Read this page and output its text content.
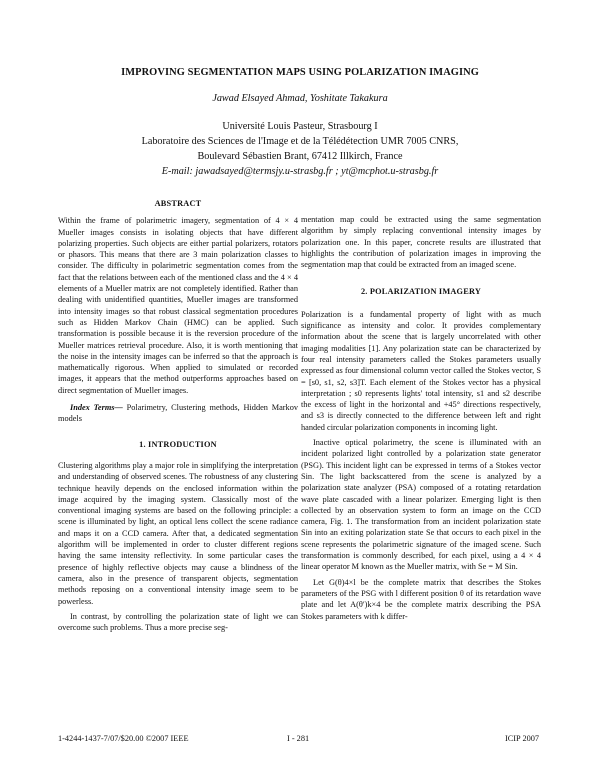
IMPROVING SEGMENTATION MAPS USING POLARIZATION IMAGING
Jawad Elsayed Ahmad, Yoshitate Takakura
Université Louis Pasteur, Strasbourg I
Laboratoire des Sciences de l'Image et de la Télédétection UMR 7005 CNRS,
Boulevard Sébastien Brant, 67412 Illkirch, France
E-mail: jawadsayed@termsjy.u-strasbg.fr ; yt@mcphot.u-strasbg.fr
ABSTRACT

Within the frame of polarimetric imagery, segmentation of 4 × 4 Mueller images consists in isolating objects that have different polarizing properties. Such objects are either partial polarizers, rotators or phasors. This means that there are 3 main polarization classes to consider. The difficulty in polarimetric segmentation comes from the fact that the relations between each of the mentioned class and the 4 × 4 elements of a Mueller matrix are not completely identified. Rather than dealing with unidentified quantities, Mueller images are transformed into intensity images so that robust classical segmentation procedures such as Hidden Markov Chain (HMC) can be applied. Such transformation is possible because it is the reversion procedure of the Mueller matrices retrieval procedure. Also, it is worth mentioning that the noise in the intensity images can be inferred so that the approach is mathematically rigorous. When applied to simulated or recorded images, it appears that the method outperforms approaches based on direct segmentation of Mueller images.

Index Terms— Polarimetry, Clustering methods, Hidden Markov models

1. INTRODUCTION

Clustering algorithms play a major role in simplifying the interpretation and understanding of observed scenes. The robustness of any clustering technique heavily depends on the enclosed information within the image acquired by the imaging system. Classically most of the conventional imaging systems are based on the following principle: a scene is illuminated by light, an optical lens collect the scene radiance and maps it on a CCD camera. After that, a dedicated segmentation algorithm will be implemented in order to cluster different regions having the same intensity reflectivity. In some particular cases the presence of highly reflective objects may cause a blindness of the camera, also in the presence of transparent objects, segmentation methods reposing on a conventional intensity image seem to be powerless.

In contrast, by controlling the polarization state of light we can overcome such problems. Thus a more precise seg-

mentation map could be extracted using the same segmentation algorithm by simply replacing conventional intensity images by polarization one. In this paper, concrete results are illustrated that highlights the contribution of polarization images in improving the segmentation map that could be extracted from an imaged scene.

2. POLARIZATION IMAGERY

Polarization is a fundamental property of light with as much significance as intensity and color. It provides complementary information about the scene that is largely uncorrelated with other imaging modalities [1]. Any polarization state can be characterized by four real intensity parameters called the Stokes parameters usually expressed as four dimensional column vector called the Stokes vector, S = [s0, s1, s2, s3]T. Each element of the Stokes vector has a physical interpretation ; s0 represents lights' total intensity, s1 and s2 describe the excess of light in the horizontal and +45° directions respectively, and s3 is directly connected to the difference between left and right handed circular polarization components in incoming light.

Inactive optical polarimetry, the scene is illuminated with an incident polarized light controlled by a polarization state generator (PSG). This incident light can be expressed in terms of a Stokes vector Sin. The light backscattered from the scene is analyzed by a polarization state analyzer (PSA) composed of a rotating retardation wave plate cascaded with a linear polarizer. Emerging light is then collected by an observation system to form an image on the CCD camera, Fig. 1. The transformation from an incident polarization state Sin into an exiting polarization state Se that occurs to each pixel in the scene represents the polarimetric signature of the imaged scene. Such transformation is commonly described, for each pixel, using a 4 × 4 linear operator M known as the Mueller matrix, with Se = M Sin.

Let G(θ)4×l be the complete matrix that describes the Stokes parameters of the PSG with l different position θ of its retardation wave plate and let A(θ′)k×4 be the complete matrix describing the PSA Stokes parameters with k differ-

1-4244-1437-7/07/$20.00 ©2007 IEEE	I - 281	ICIP 2007
